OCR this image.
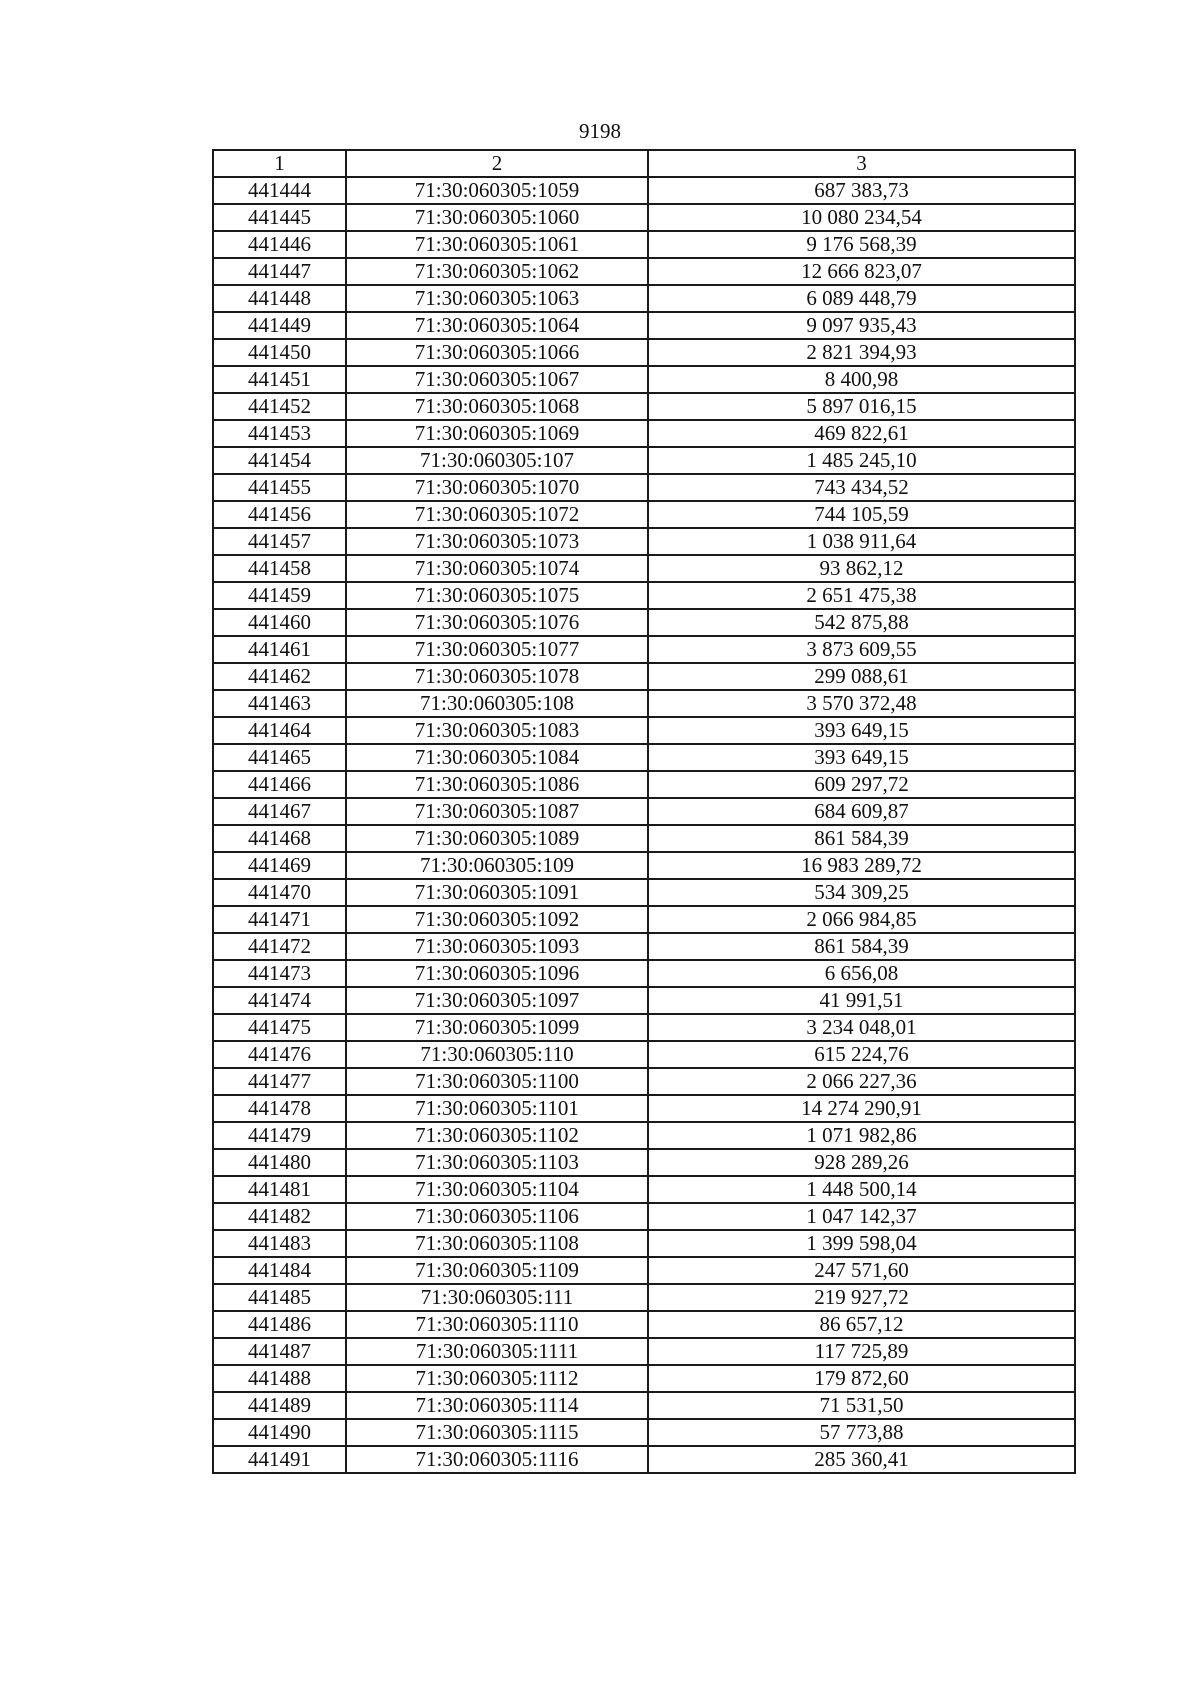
9198
1	2	3
441444	71:30:060305:1059	687 383,73
441445	71:30:060305:1060	10 080 234,54
441446	71:30:060305:1061	9 176 568,39
441447	71:30:060305:1062	12 666 823,07
441448	71:30:060305:1063	6 089 448,79
441449	71:30:060305:1064	9 097 935,43
441450	71:30:060305:1066	2 821 394,93
441451	71:30:060305:1067	8 400,98
441452	71:30:060305:1068	5 897 016,15
441453	71:30:060305:1069	469 822,61
441454	71:30:060305:107	1 485 245,10
441455	71:30:060305:1070	743 434,52
441456	71:30:060305:1072	744 105,59
441457	71:30:060305:1073	1 038 911,64
441458	71:30:060305:1074	93 862,12
441459	71:30:060305:1075	2 651 475,38
441460	71:30:060305:1076	542 875,88
441461	71:30:060305:1077	3 873 609,55
441462	71:30:060305:1078	299 088,61
441463	71:30:060305:108	3 570 372,48
441464	71:30:060305:1083	393 649,15
441465	71:30:060305:1084	393 649,15
441466	71:30:060305:1086	609 297,72
441467	71:30:060305:1087	684 609,87
441468	71:30:060305:1089	861 584,39
441469	71:30:060305:109	16 983 289,72
441470	71:30:060305:1091	534 309,25
441471	71:30:060305:1092	2 066 984,85
441472	71:30:060305:1093	861 584,39
441473	71:30:060305:1096	6 656,08
441474	71:30:060305:1097	41 991,51
441475	71:30:060305:1099	3 234 048,01
441476	71:30:060305:110	615 224,76
441477	71:30:060305:1100	2 066 227,36
441478	71:30:060305:1101	14 274 290,91
441479	71:30:060305:1102	1 071 982,86
441480	71:30:060305:1103	928 289,26
441481	71:30:060305:1104	1 448 500,14
441482	71:30:060305:1106	1 047 142,37
441483	71:30:060305:1108	1 399 598,04
441484	71:30:060305:1109	247 571,60
441485	71:30:060305:111	219 927,72
441486	71:30:060305:1110	86 657,12
441487	71:30:060305:1111	117 725,89
441488	71:30:060305:1112	179 872,60
441489	71:30:060305:1114	71 531,50
441490	71:30:060305:1115	57 773,88
441491	71:30:060305:1116	285 360,41
